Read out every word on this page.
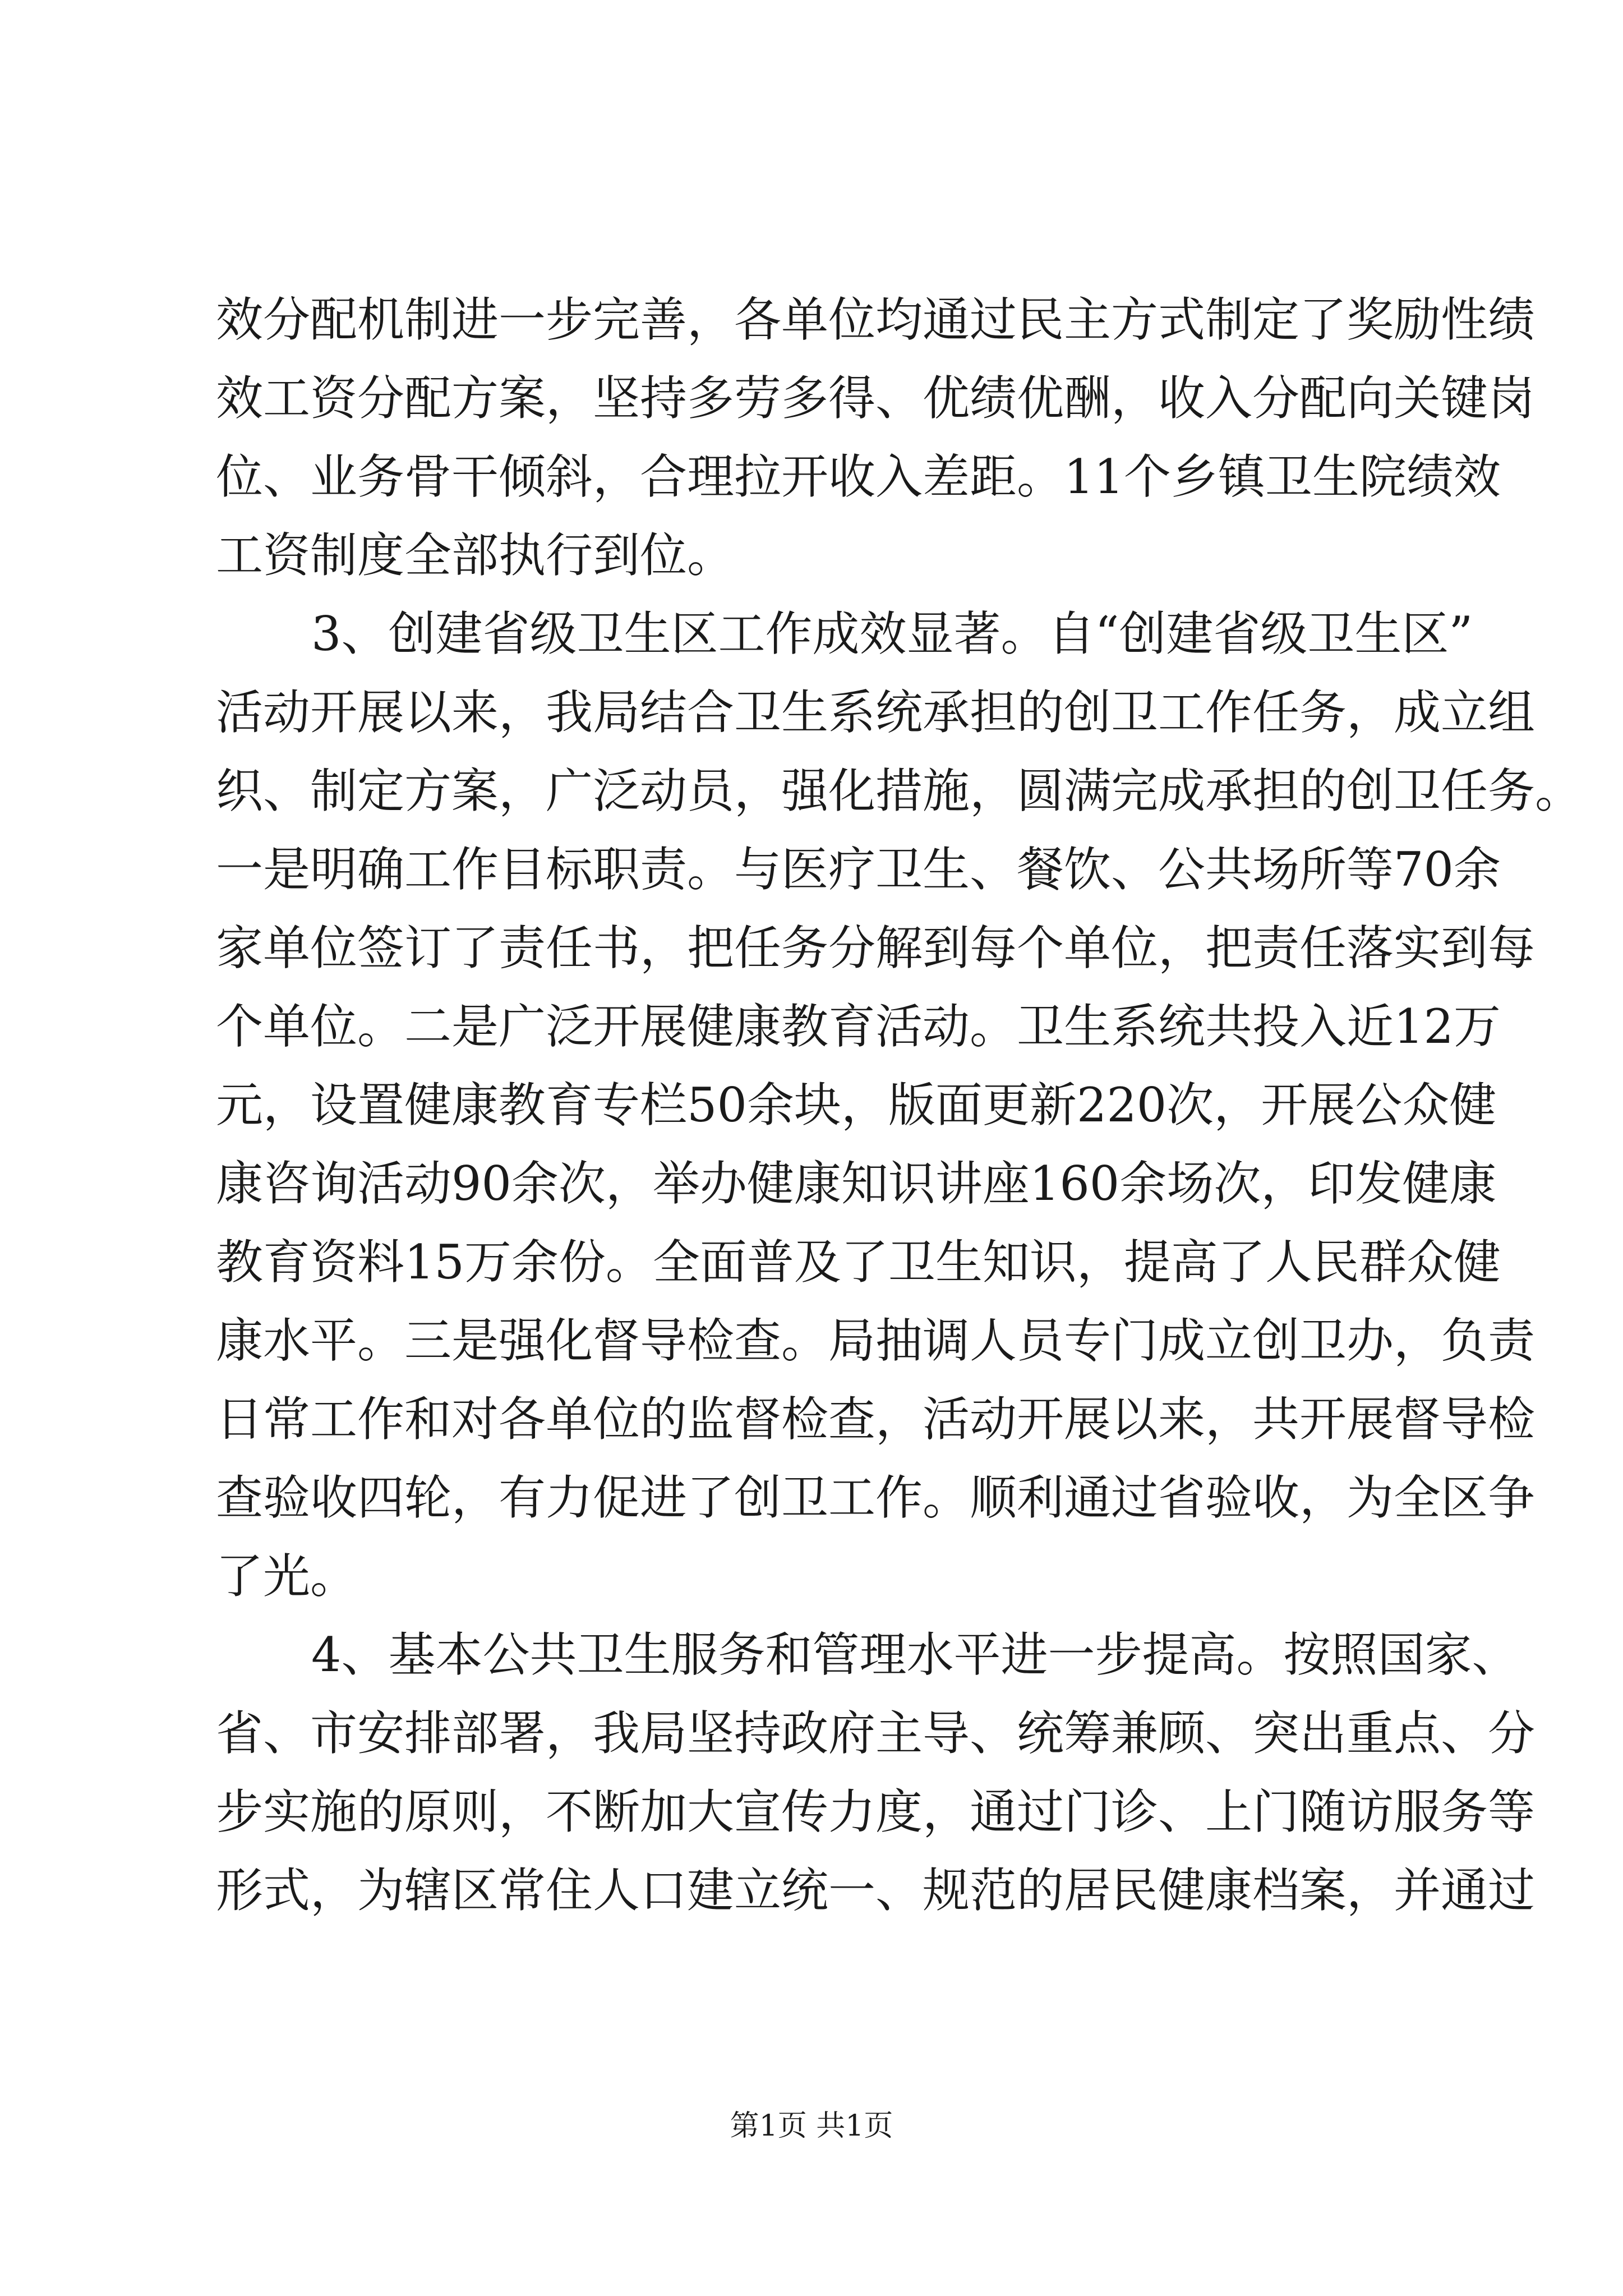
效分配机制进一步完善，各单位均通过民主方式制定了奖励性绩
效工资分配方案，坚持多劳多得、优绩优酬，收入分配向关键岗
位、业务骨干倾斜，合理拉开收入差距。11个乡镇卫生院绩效
工资制度全部执行到位。
3、创建省级卫生区工作成效显著。自“创建省级卫生区”
活动开展以来，我局结合卫生系统承担的创卫工作任务，成立组
织、制定方案，广泛动员，强化措施，圆满完成承担的创卫任务。
一是明确工作目标职责。与医疗卫生、餐饮、公共场所等70余
家单位签订了责任书，把任务分解到每个单位，把责任落实到每
个单位。二是广泛开展健康教育活动。卫生系统共投入近12万
元，设置健康教育专栏50余块，版面更新220次，开展公众健
康咨询活动90余次，举办健康知识讲座160余场次，印发健康
教育资料15万余份。全面普及了卫生知识，提高了人民群众健
康水平。三是强化督导检查。局抽调人员专门成立创卫办，负责
日常工作和对各单位的监督检查，活动开展以来，共开展督导检
查验收四轮，有力促进了创卫工作。顺利通过省验收，为全区争
了光。
4、基本公共卫生服务和管理水平进一步提高。按照国家、
省、市安排部署，我局坚持政府主导、统筹兼顾、突出重点、分
步实施的原则，不断加大宣传力度，通过门诊、上门随访服务等
形式，为辖区常住人口建立统一、规范的居民健康档案，并通过
第1页 共1页
